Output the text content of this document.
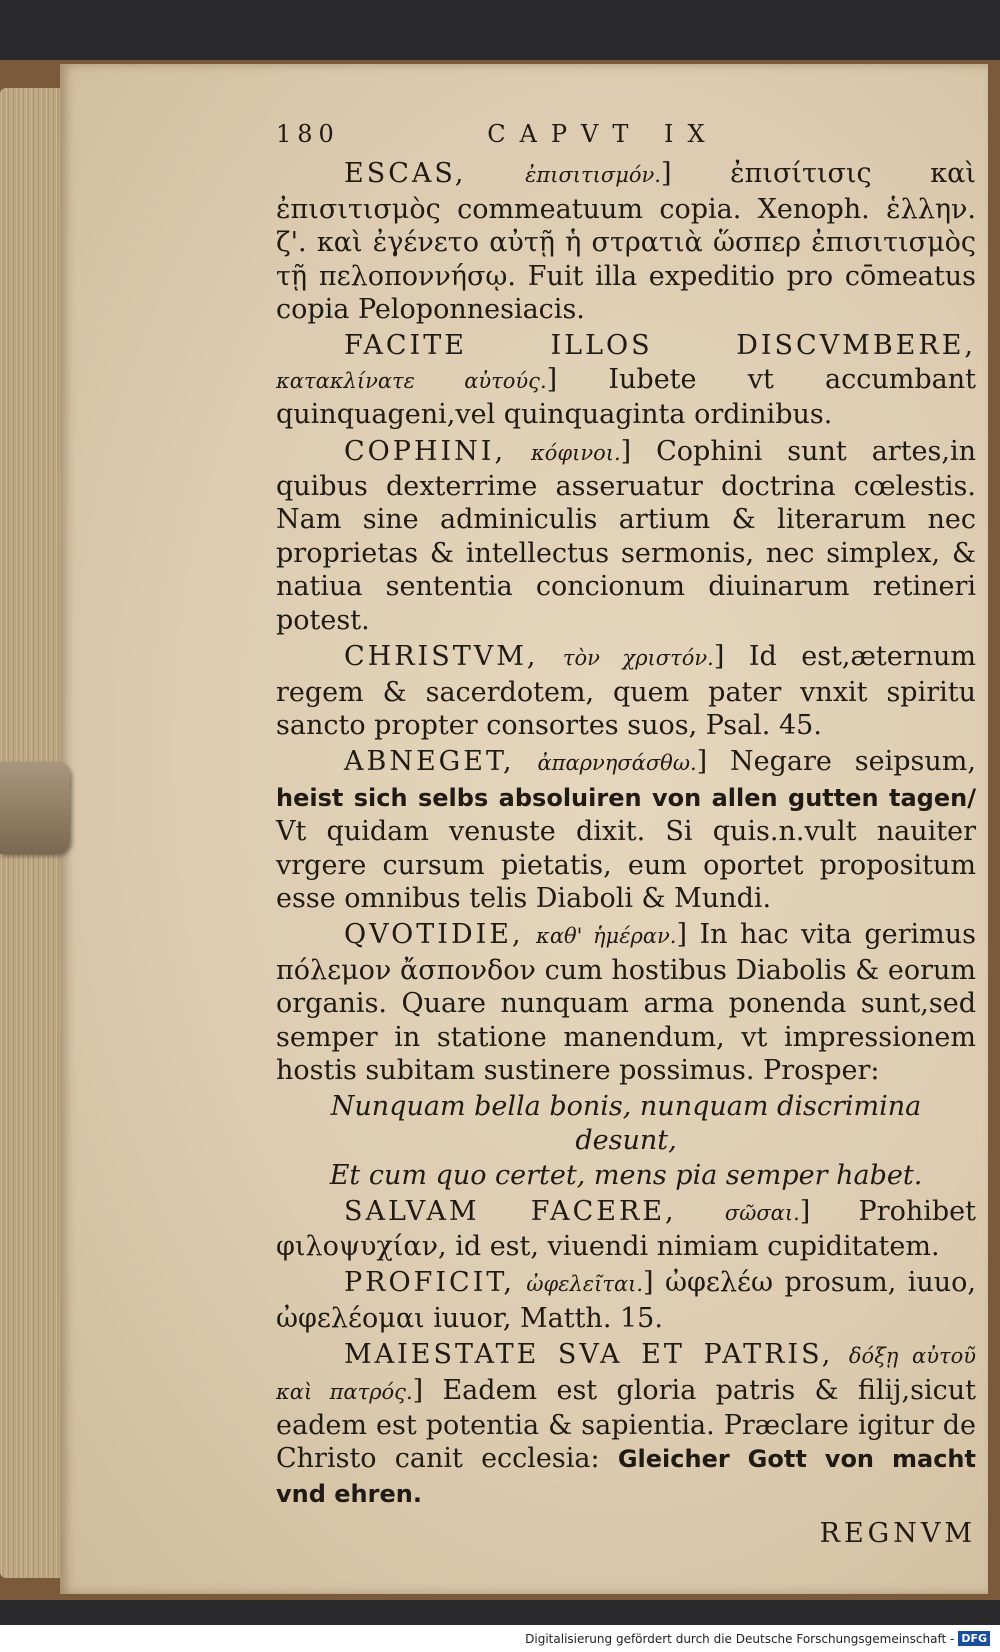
180	CAPVT IX

ESCAS,	ἐπισιτισμόν.] ἐπισίτισις καὶ ἐπισιτισμὸς commeatuum copia. Xenoph. ἑλλην. ζ'. καὶ ἐγένετο αὐτῇ ἡ στρατιὰ ὥσπερ ἐπισιτισμὸς τῇ πελοποννήσῳ. Fuit illa expeditio pro cōmeatus copia Peloponnesiacis.

FACITE ILLOS DISCVMBERE, κατακλίνατε αὐτούς.] Iubete vt accumbant quinquageni,vel quinquaginta ordinibus.

COPHINI, κόφινοι.] Cophini sunt artes,in quibus dexterrime asseruatur doctrina cœlestis. Nam sine adminiculis artium & literarum nec proprietas & intellectus sermonis, nec simplex, & natiua sententia concionum diuinarum retineri potest.

CHRISTVM, τὸν χριστόν.] Id est,æternum regem & sacerdotem, quem pater vnxit spiritu sancto propter consortes suos, Psal. 45.

ABNEGET, ἀπαρνησάσθω.] Negare seipsum, heist sich selbs absoluiren von allen gutten tagen/ Vt quidam venuste dixit. Si quis.n.vult nauiter vrgere cursum pietatis, eum oportet propositum esse omnibus telis Diaboli & Mundi.

QVOTIDIE, καθ' ἡμέραν.] In hac vita gerimus πόλεμον ἄσπονδον cum hostibus Diabolis & eorum organis. Quare nunquam arma ponenda sunt,sed semper in statione manendum, vt impressionem hostis subitam sustinere possimus. Prosper:

Nunquam bella bonis, nunquam discrimina desunt,
Et cum quo certet, mens pia semper habet.

SALVAM FACERE, σῶσαι.] Prohibet φιλοψυχίαν, id est, viuendi nimiam cupiditatem.

PROFICIT, ὠφελεῖται.] ὠφελέω prosum, iuuo, ὠφελέομαι iuuor, Matth. 15.

MAIESTATE SVA ET PATRIS, δόξῃ αὐτοῦ καὶ πατρός.] Eadem est gloria patris & filij,sicut eadem est potentia & sapientia. Præclare igitur de Christo canit ecclesia: Gleicher Gott von macht vnd ehren.

REGNVM
Digitalisierung gefördert durch die Deutsche Forschungsgemeinschaft - DFG
